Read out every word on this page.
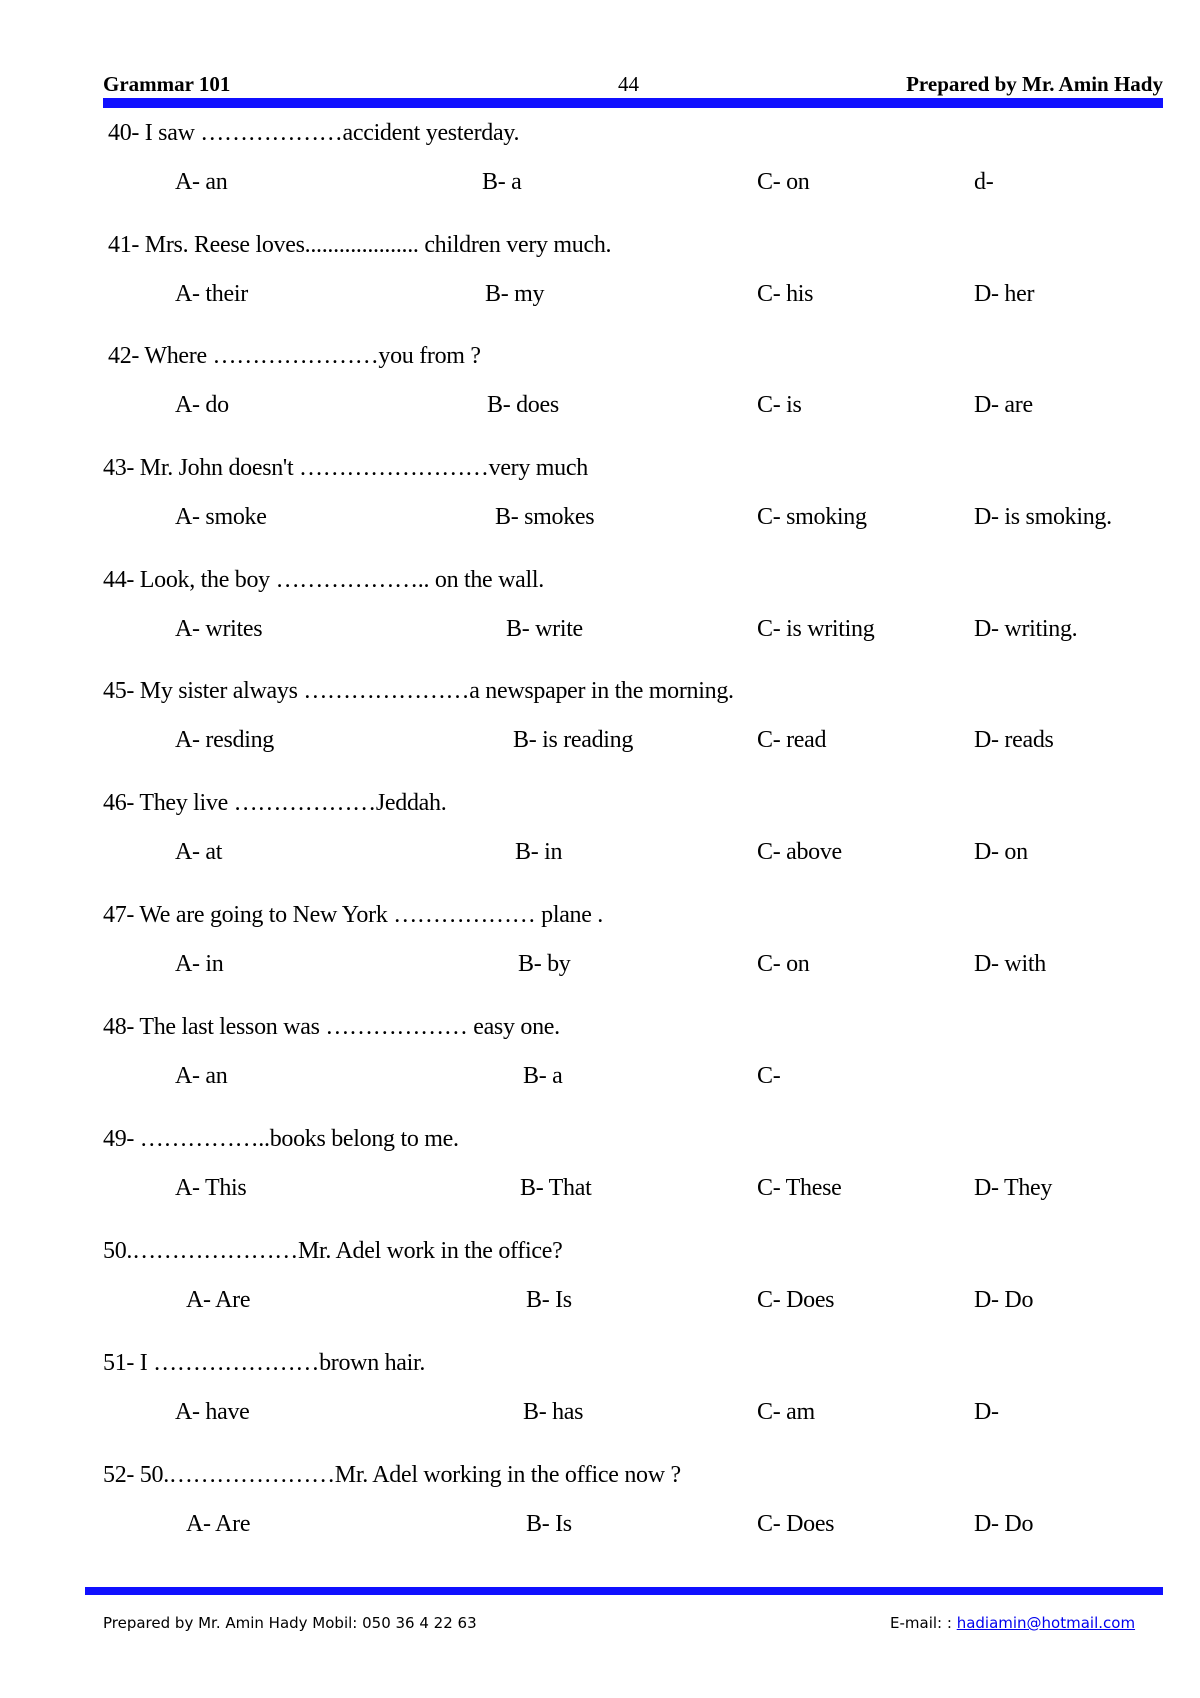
Grammar 101	44	Prepared by Mr. Amin Hady
40- I saw ………………accident yesterday.
A- an	B- a	C- on	d-
41- Mrs. Reese loves.................... children very much.
A- their	B- my	C- his	D- her
42- Where …………………you from ?
A- do	B- does	C- is	D- are
43- Mr. John doesn't ……………………very much
A- smoke	B- smokes	C- smoking	D- is smoking.
44- Look, the boy ……………….. on the wall.
A- writes	B- write	C- is writing	D- writing.
45- My sister always …………………a newspaper in the morning.
A- resding	B- is reading	C- read	D- reads
46- They live ………………Jeddah.
A- at	B- in	C- above	D- on
47- We are going to New York ……………… plane .
A- in	B- by	C- on	D- with
48- The last lesson was ……………… easy one.
A- an	B- a	C-
49- ……………..books belong to me.
A- This	B- That	C- These	D- They
50.…………………Mr. Adel work in the office?
A- Are	B- Is	C- Does	D- Do
51- I …………………brown hair.
A- have	B- has	C- am	D-
52- 50.…………………Mr. Adel working in the office now ?
A- Are	B- Is	C- Does	D- Do
Prepared by Mr. Amin Hady Mobil: 050 36 4 22 63	E-mail: : hadiamin@hotmail.com
